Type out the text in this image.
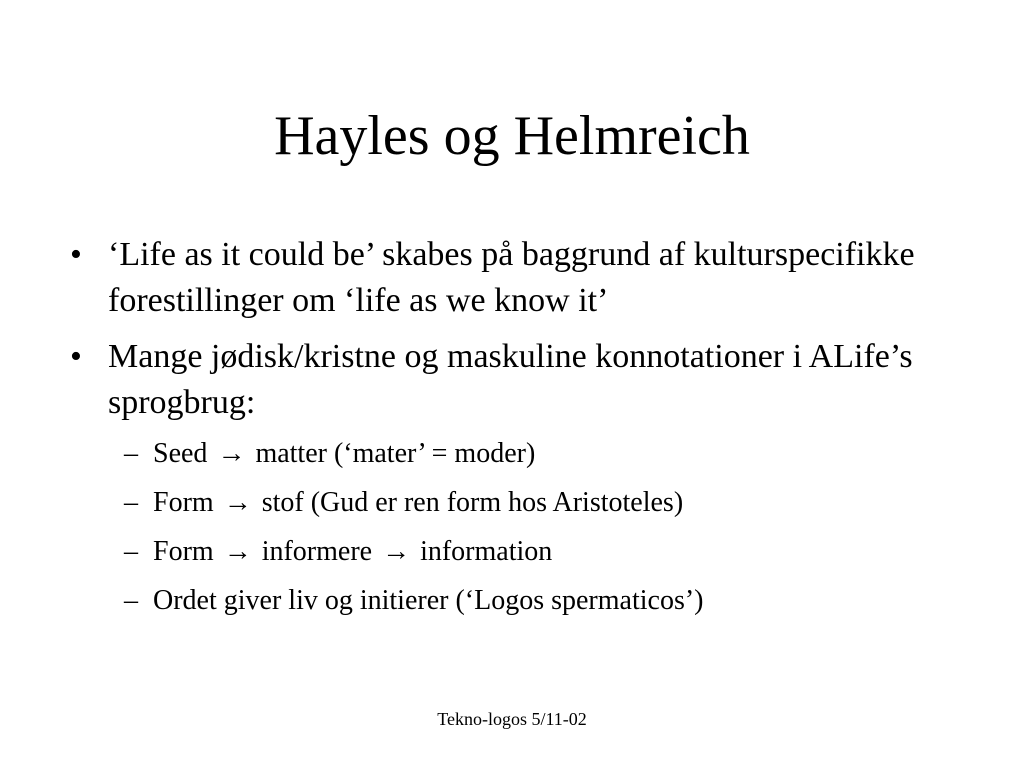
Hayles og Helmreich
• ‘Life as it could be’ skabes på baggrund af kulturspecifikke forestillinger om ‘life as we know it’
• Mange jødisk/kristne og maskuline konnotationer i ALife’s sprogbrug:
– Seed → matter (‘mater’ = moder)
– Form → stof (Gud er ren form hos Aristoteles)
– Form → informere → information
– Ordet giver liv og initierer (‘Logos spermaticos’)
Tekno-logos 5/11-02
